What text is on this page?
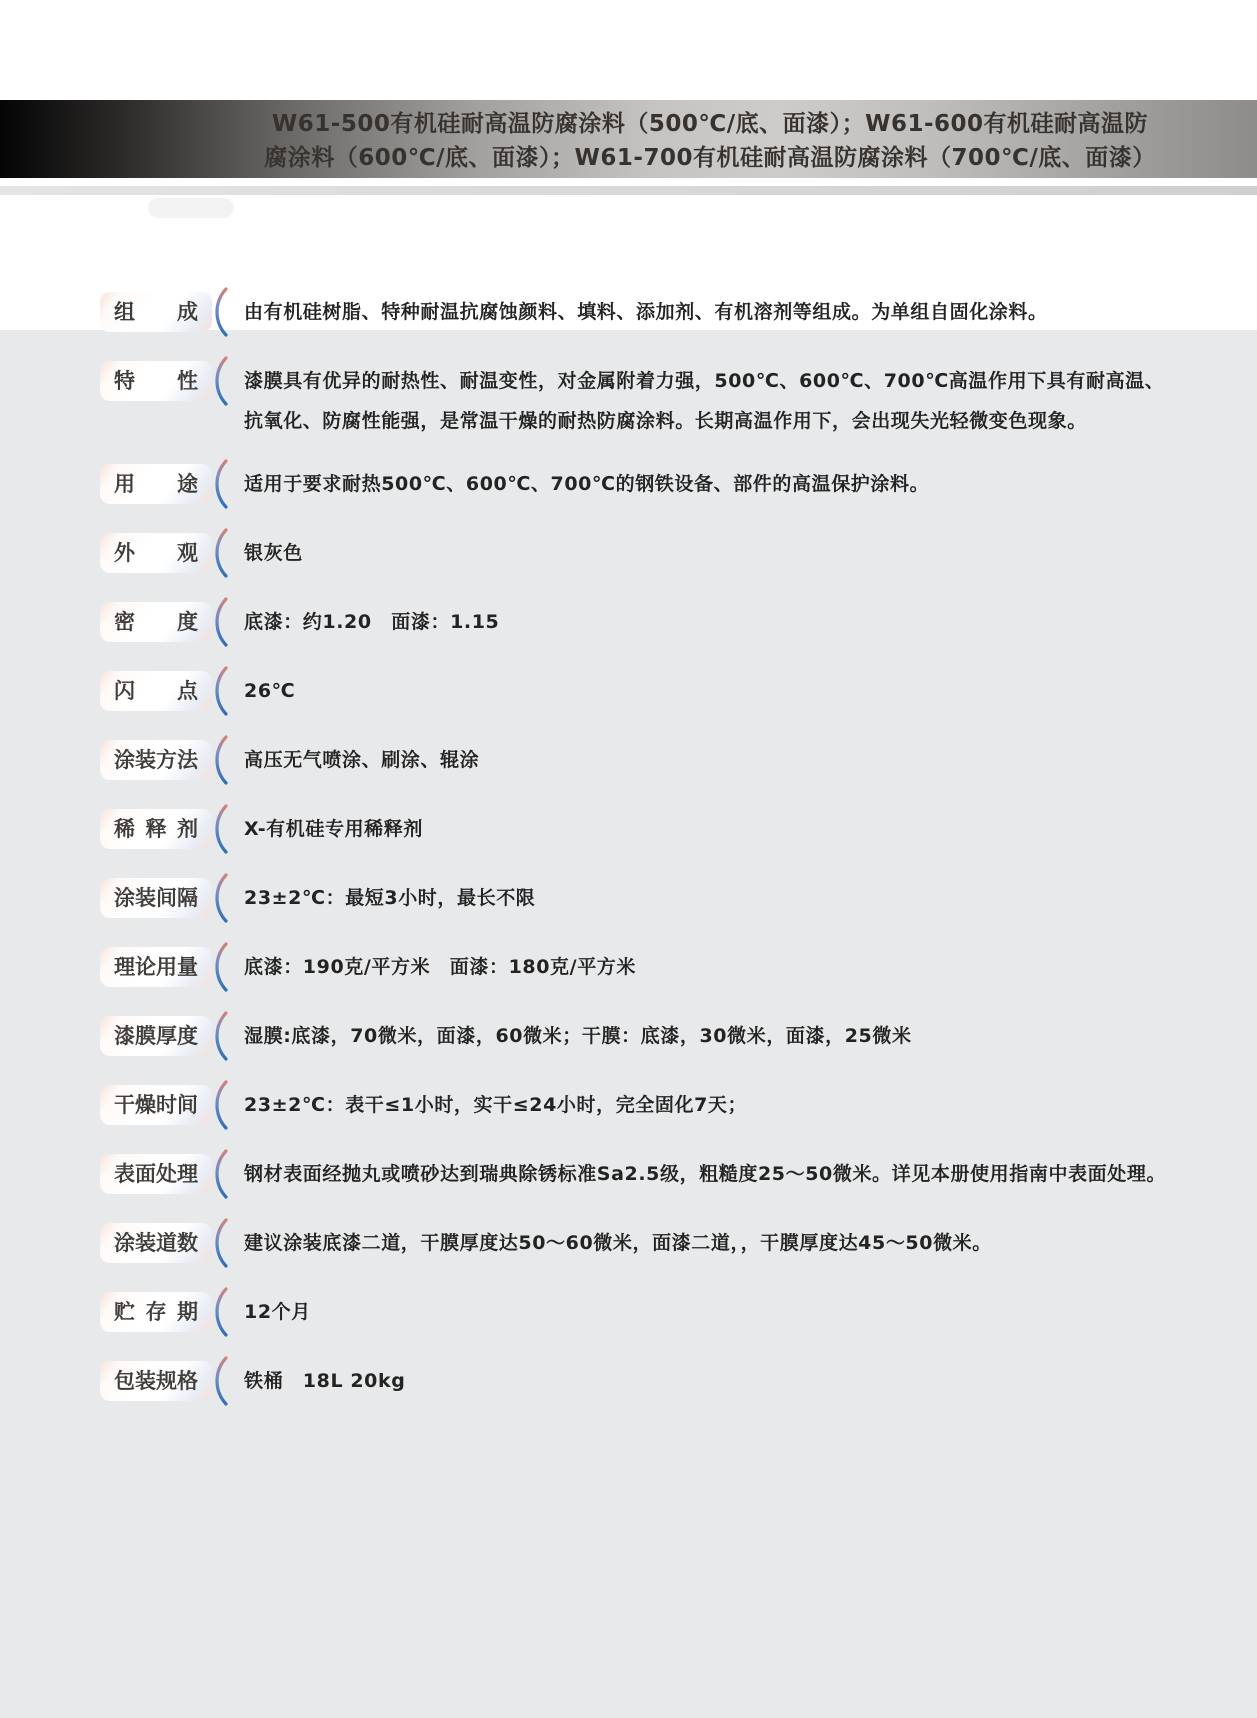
W61-500有机硅耐高温防腐涂料（500℃/底、面漆）；W61-600有机硅耐高温防
腐涂料（600℃/底、面漆）；W61-700有机硅耐高温防腐涂料（700℃/底、面漆）
组成 由有机硅树脂、特种耐温抗腐蚀颜料、填料、添加剂、有机溶剂等组成。为单组自固化涂料。
特性 漆膜具有优异的耐热性、耐温变性，对金属附着力强，500℃、600℃、700℃高温作用下具有耐高温、
抗氧化、防腐性能强，是常温干燥的耐热防腐涂料。长期高温作用下，会出现失光轻微变色现象。
用途 适用于要求耐热500℃、600℃、700℃的钢铁设备、部件的高温保护涂料。
外观 银灰色
密度 底漆：约1.20　面漆：1.15
闪点 26℃
涂装方法 高压无气喷涂、刷涂、辊涂
稀释剂 X-有机硅专用稀释剂
涂装间隔 23±2℃：最短3小时，最长不限
理论用量 底漆：190克/平方米　面漆：180克/平方米
漆膜厚度 湿膜:底漆，70微米，面漆，60微米；干膜：底漆，30微米，面漆，25微米
干燥时间 23±2℃：表干≤1小时，实干≤24小时，完全固化7天；
表面处理 钢材表面经抛丸或喷砂达到瑞典除锈标准Sa2.5级，粗糙度25～50微米。详见本册使用指南中表面处理。
涂装道数 建议涂装底漆二道，干膜厚度达50～60微米，面漆二道，，干膜厚度达45～50微米。
贮存期 12个月
包装规格 铁桶　18L 20kg
